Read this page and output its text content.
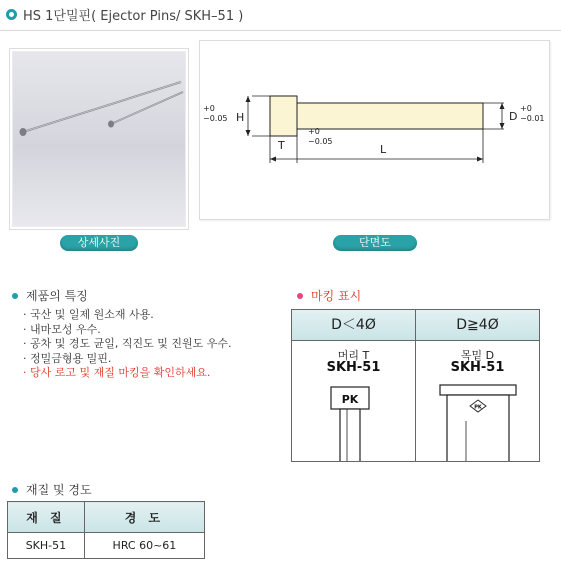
HS 1단밀핀( Ejector Pins/ SKH–51 )
H
+0
−0.05
T
+0
−0.05
L
D
+0
−0.01
상세사진	단면도
제품의 특징
· 국산 및 일제 원소재 사용.
· 내마모성 우수.
· 공차 및 경도 균일, 직진도 및 진원도 우수.
· 정밀금형용 밀핀.
· 당사 로고 및 재질 마킹을 확인하세요.
마킹 표시
D＜4Ø	D≧4Ø
머리 T
SKH-51
PK
목밑 D
SKH-51
PK
재질 및 경도
재 질	경 도
SKH-51	HRC 60~61
